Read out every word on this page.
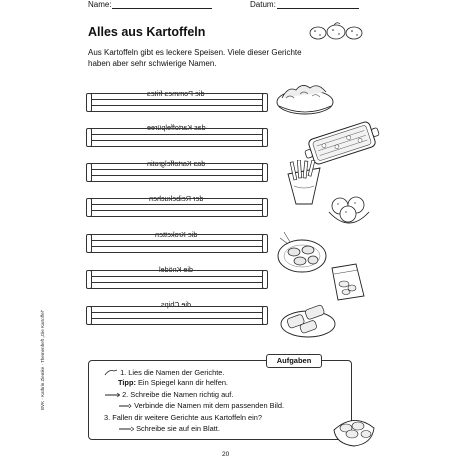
Name:	Datum:
Alles aus Kartoffeln
Aus Kartoffeln gibt es leckere Speisen. Viele dieser Gerichte
haben aber sehr schwierige Namen.
die Pommes frites
das Kartoffelpüree
das Kartoffelgratin
der Reibekuchen
die Kroketten
die Knödel
die Chips
BVK · Kathrin Ziemke · Themenheft „Die Kartoffel"	Aufgaben
1. Lies die Namen der Gerichte.
Tipp: Ein Spiegel kann dir helfen.
2. Schreibe die Namen richtig auf.
Verbinde die Namen mit dem passenden Bild.
3. Fallen dir weitere Gerichte aus Kartoffeln ein?
Schreibe sie auf ein Blatt.
20
